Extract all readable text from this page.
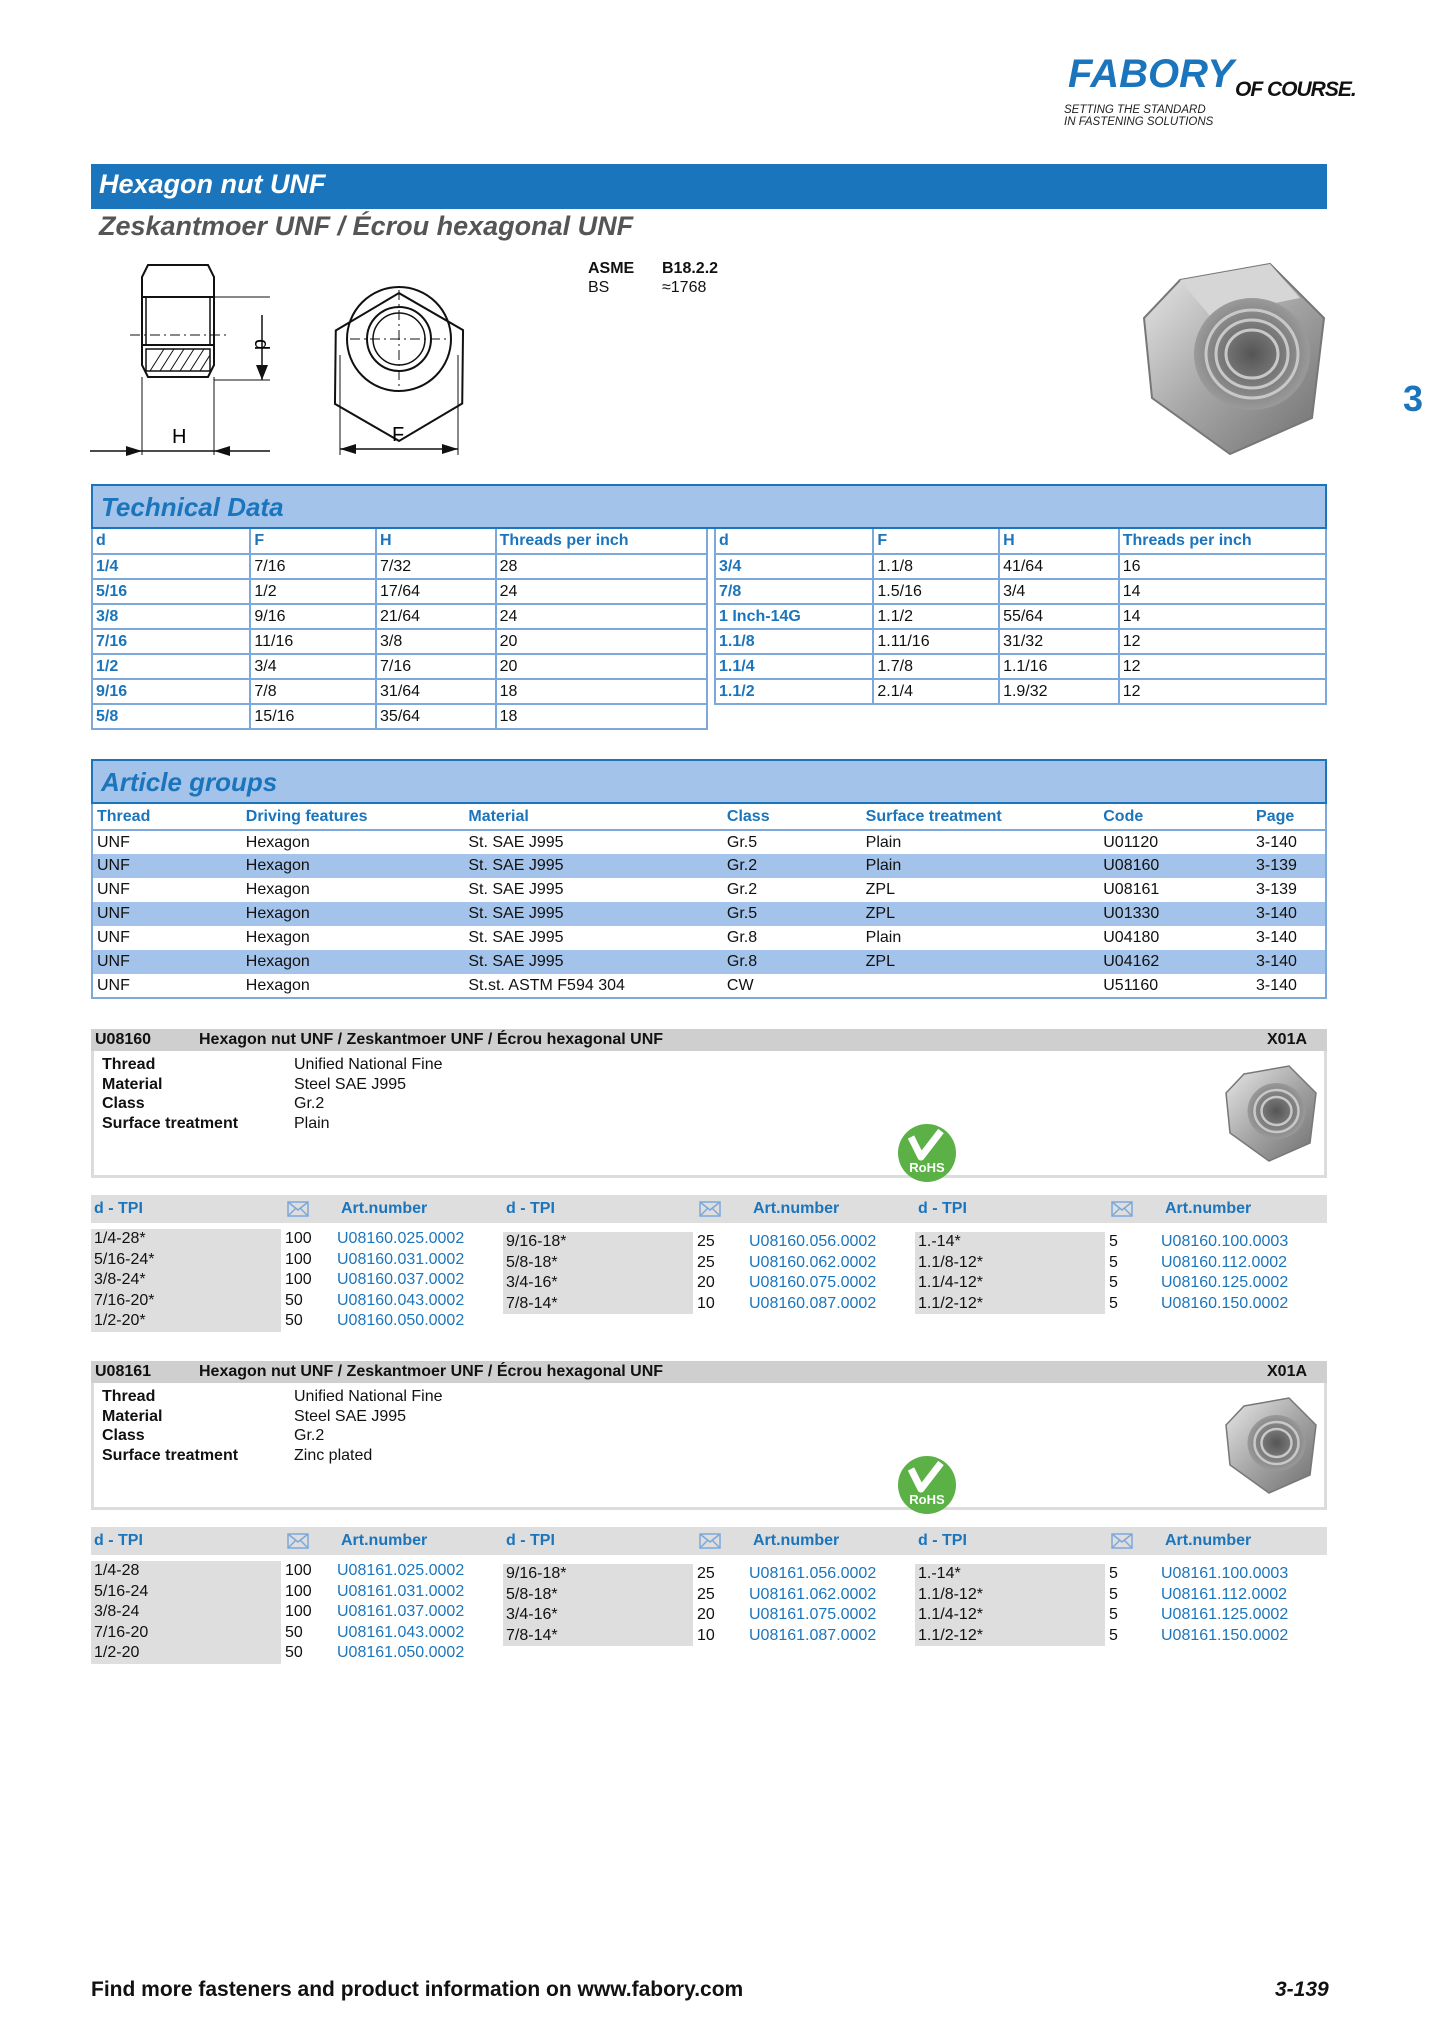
FABORY OF COURSE.
SETTING THE STANDARD
IN FASTENING SOLUTIONS
Hexagon nut UNF
Zeskantmoer UNF / Écrou hexagonal UNF
d
H	F
ASME	B18.2.2
BS	≈1768
3
Technical Data
d	F	H	Threads per inch
1/4	7/16	7/32	28
5/16	1/2	17/64	24
3/8	9/16	21/64	24
7/16	11/16	3/8	20
1/2	3/4	7/16	20
9/16	7/8	31/64	18
5/8	15/16	35/64	18
d	F	H	Threads per inch
3/4	1.1/8	41/64	16
7/8	1.5/16	3/4	14
1 Inch-14G	1.1/2	55/64	14
1.1/8	1.11/16	31/32	12
1.1/4	1.7/8	1.1/16	12
1.1/2	2.1/4	1.9/32	12
Article groups
Thread	Driving features	Material	Class	Surface treatment	Code	Page
UNF	Hexagon	St. SAE J995	Gr.5	Plain	U01120	3-140
UNF	Hexagon	St. SAE J995	Gr.2	Plain	U08160	3-139
UNF	Hexagon	St. SAE J995	Gr.2	ZPL	U08161	3-139
UNF	Hexagon	St. SAE J995	Gr.5	ZPL	U01330	3-140
UNF	Hexagon	St. SAE J995	Gr.8	Plain	U04180	3-140
UNF	Hexagon	St. SAE J995	Gr.8	ZPL	U04162	3-140
UNF	Hexagon	St.st. ASTM F594 304	CW		U51160	3-140
U08160	Hexagon nut UNF / Zeskantmoer UNF / Écrou hexagonal UNF	X01A
Thread	Unified National Fine
Material	Steel SAE J995
Class	Gr.2
Surface treatment	Plain
RoHS
d - TPI	Art.number	d - TPI	Art.number	d - TPI	Art.number
1/4-28*	100	U08160.025.0002
5/16-24*	100	U08160.031.0002
3/8-24*	100	U08160.037.0002
7/16-20*	50	U08160.043.0002
1/2-20*	50	U08160.050.0002
9/16-18*	25	U08160.056.0002
5/8-18*	25	U08160.062.0002
3/4-16*	20	U08160.075.0002
7/8-14*	10	U08160.087.0002
1.-14*	5	U08160.100.0003
1.1/8-12*	5	U08160.112.0002
1.1/4-12*	5	U08160.125.0002
1.1/2-12*	5	U08160.150.0002
U08161	Hexagon nut UNF / Zeskantmoer UNF / Écrou hexagonal UNF	X01A
Thread	Unified National Fine
Material	Steel SAE J995
Class	Gr.2
Surface treatment	Zinc plated
RoHS
d - TPI	Art.number	d - TPI	Art.number	d - TPI	Art.number
1/4-28	100	U08161.025.0002
5/16-24	100	U08161.031.0002
3/8-24	100	U08161.037.0002
7/16-20	50	U08161.043.0002
1/2-20	50	U08161.050.0002
9/16-18*	25	U08161.056.0002
5/8-18*	25	U08161.062.0002
3/4-16*	20	U08161.075.0002
7/8-14*	10	U08161.087.0002
1.-14*	5	U08161.100.0003
1.1/8-12*	5	U08161.112.0002
1.1/4-12*	5	U08161.125.0002
1.1/2-12*	5	U08161.150.0002
Find more fasteners and product information on www.fabory.com	3-139
